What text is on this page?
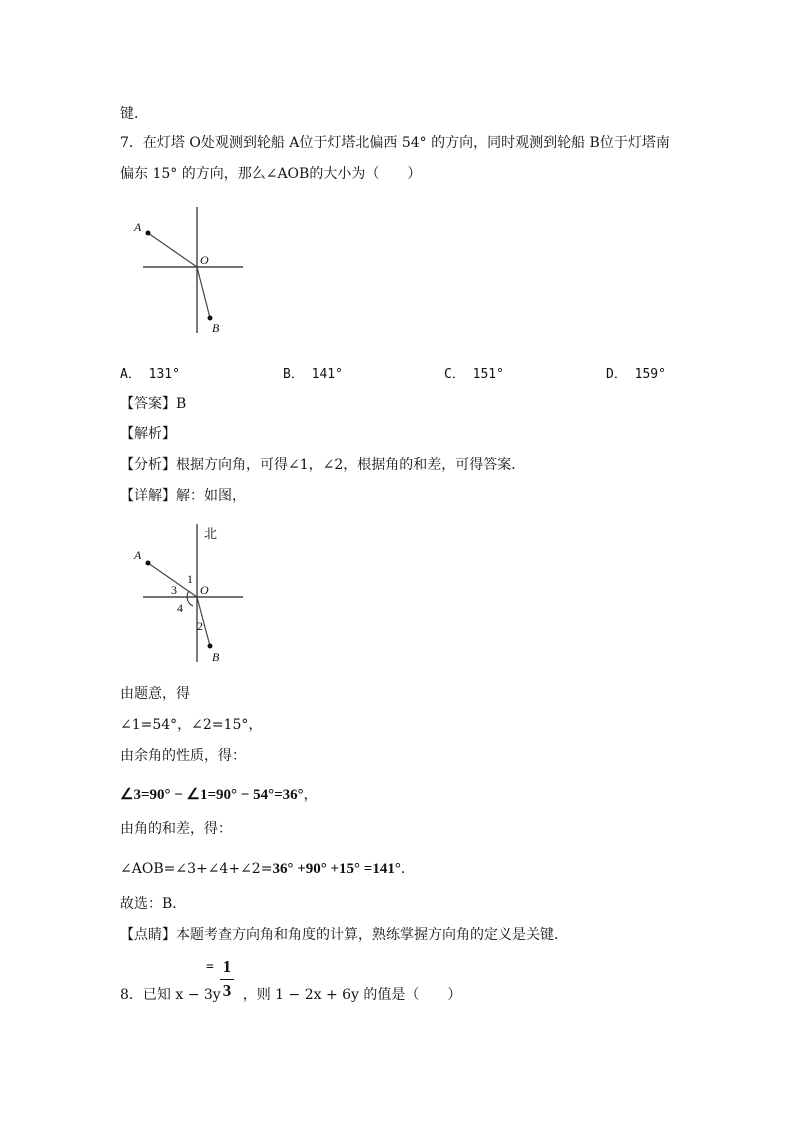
键．
7．在灯塔 O处观测到轮船 A位于灯塔北偏西 54° 的方向，同时观测到轮船 B位于灯塔南
偏东 15° 的方向，那么∠AOB的大小为（　　）
A
O
B
A． 131°	B． 141°	C． 151°	D． 159°
【答案】B
【解析】
【分析】根据方向角，可得∠1，∠2，根据角的和差，可得答案．
【详解】解：如图，
北
A
O
B
1
2
3
4
由题意，得
∠1=54°，∠2=15°，
由余角的性质，得：
∠3=90° − ∠1=90° − 54°=36°，
由角的和差，得：
∠AOB=∠3+∠4+∠2=36° +90° +15° =141°．
故选：B．
【点睛】本题考查方向角和角度的计算，熟练掌握方向角的定义是关键．
8．已知 x − 3y ，则 1 − 2x + 6y 的值是（　　）
= 1
3
